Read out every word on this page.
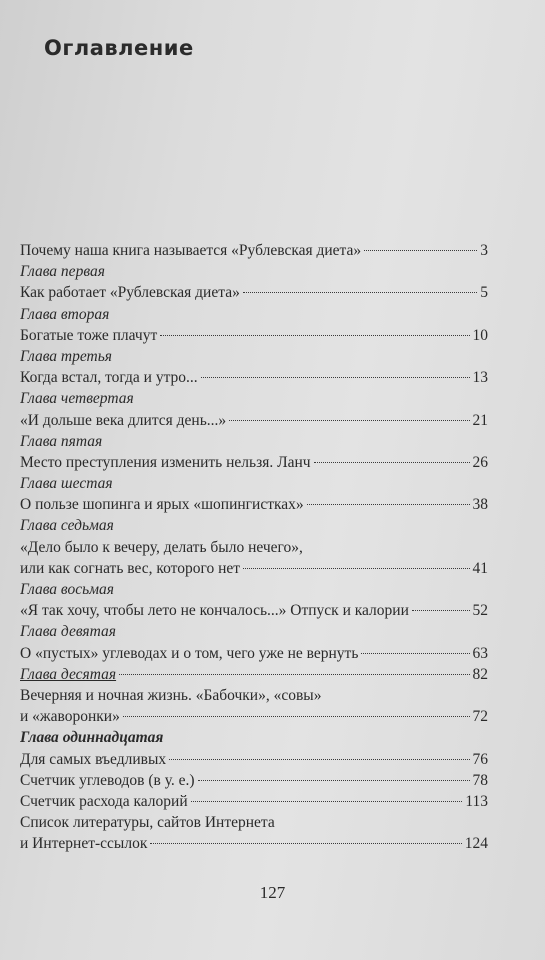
Оглавление
Почему наша книга называется «Рублевская диета»	3
Глава первая
Как работает «Рублевская диета»	5
Глава вторая
Богатые тоже плачут	10
Глава третья
Когда встал, тогда и утро...	13
Глава четвертая
«И дольше века длится день...»	21
Глава пятая
Место преступления изменить нельзя. Ланч	26
Глава шестая
О пользе шопинга и ярых «шопингистках»	38
Глава седьмая
«Дело было к вечеру, делать было нечего»,
или как согнать вес, которого нет	41
Глава восьмая
«Я так хочу, чтобы лето не кончалось...» Отпуск и калории	52
Глава девятая
О «пустых» углеводах и о том, чего уже не вернуть	63
Глава десятая	82
Вечерняя и ночная жизнь. «Бабочки», «совы»
и «жаворонки»	72
Глава одиннадцатая
Для самых въедливых	76
Счетчик углеводов (в у. е.)	78
Счетчик расхода калорий	113
Список литературы, сайтов Интернета
и Интернет-ссылок	124
127
